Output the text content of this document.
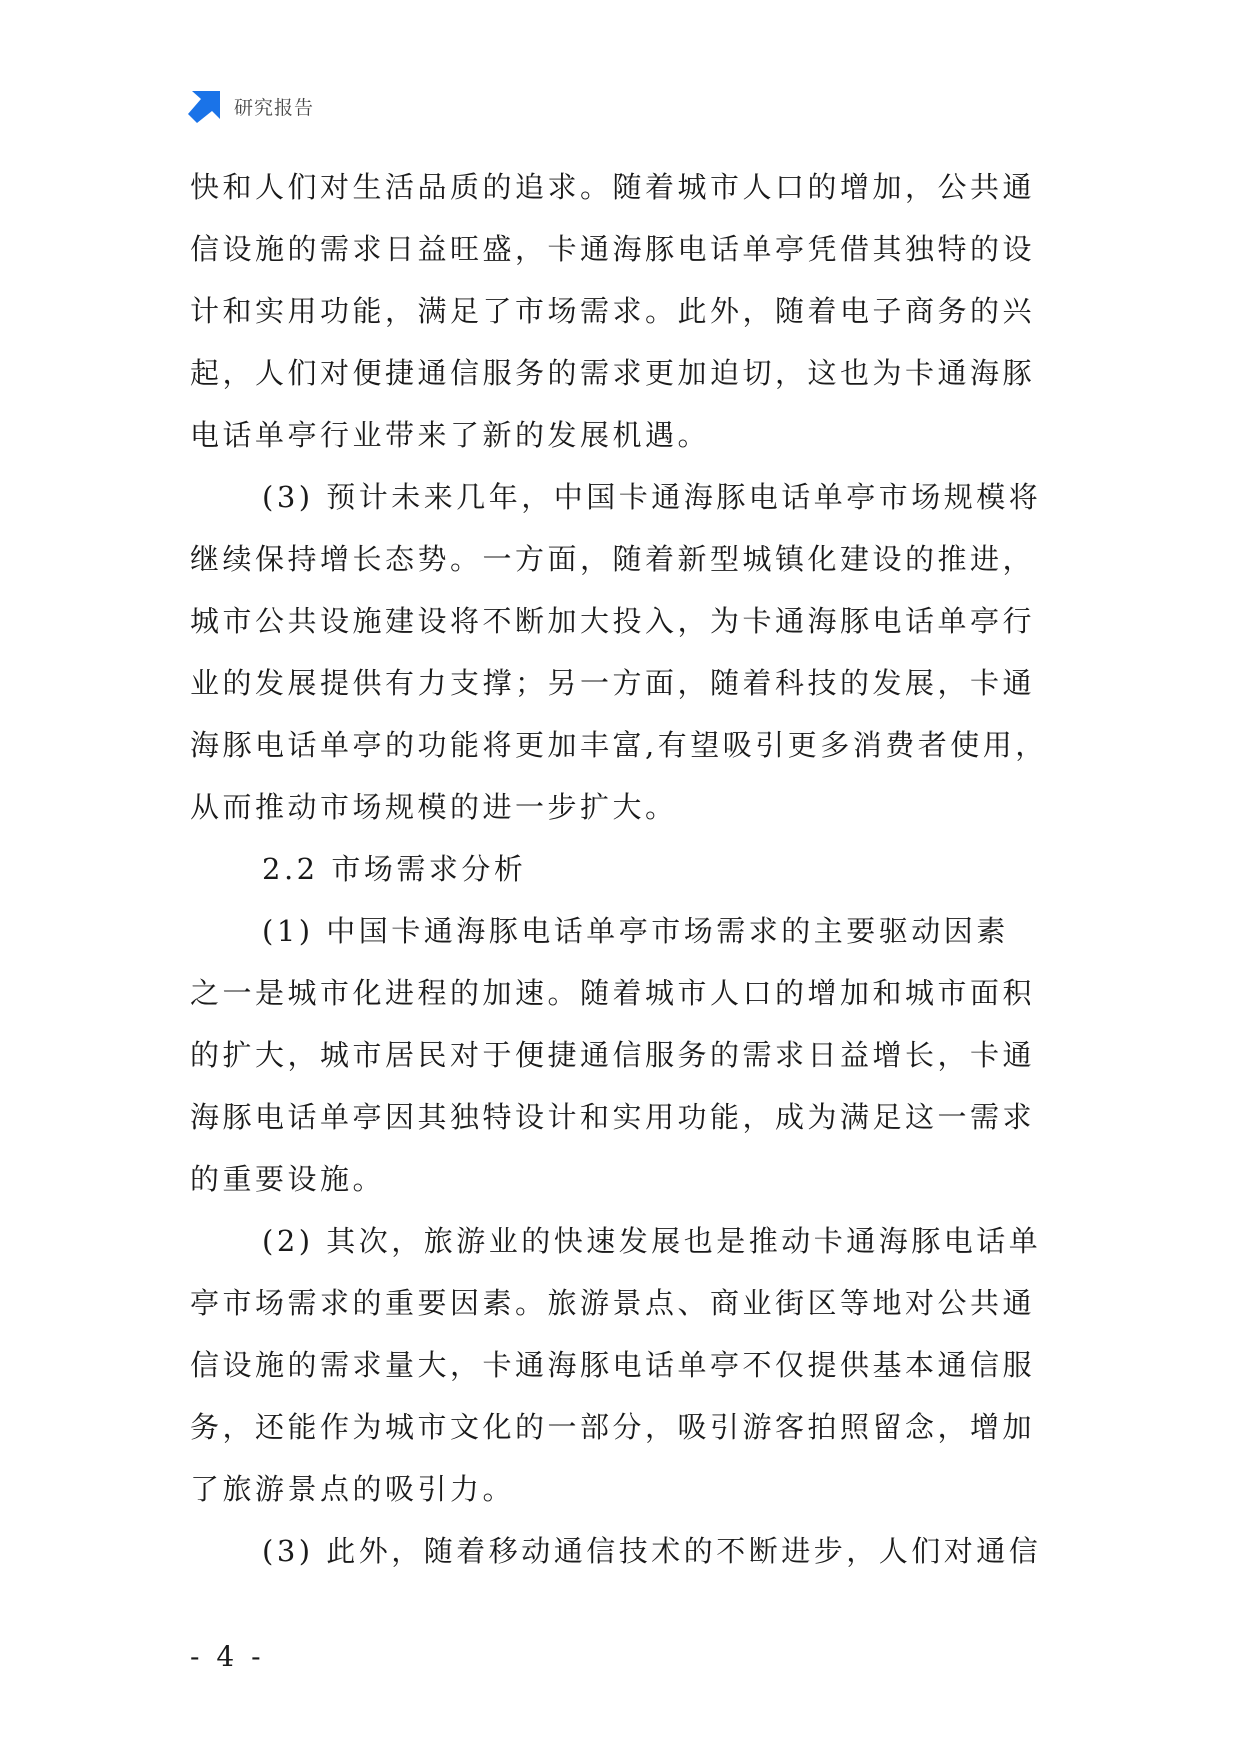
研究报告
快和人们对生活品质的追求。随着城市人口的增加，公共通
信设施的需求日益旺盛，卡通海豚电话单亭凭借其独特的设
计和实用功能，满足了市场需求。此外，随着电子商务的兴
起，人们对便捷通信服务的需求更加迫切，这也为卡通海豚
电话单亭行业带来了新的发展机遇。
(3) 预计未来几年，中国卡通海豚电话单亭市场规模将
继续保持增长态势。一方面，随着新型城镇化建设的推进，
城市公共设施建设将不断加大投入，为卡通海豚电话单亭行
业的发展提供有力支撑；另一方面，随着科技的发展，卡通
海豚电话单亭的功能将更加丰富,有望吸引更多消费者使用，
从而推动市场规模的进一步扩大。
2.2 市场需求分析
(1) 中国卡通海豚电话单亭市场需求的主要驱动因素
之一是城市化进程的加速。随着城市人口的增加和城市面积
的扩大，城市居民对于便捷通信服务的需求日益增长，卡通
海豚电话单亭因其独特设计和实用功能，成为满足这一需求
的重要设施。
(2) 其次，旅游业的快速发展也是推动卡通海豚电话单
亭市场需求的重要因素。旅游景点、商业街区等地对公共通
信设施的需求量大，卡通海豚电话单亭不仅提供基本通信服
务，还能作为城市文化的一部分，吸引游客拍照留念，增加
了旅游景点的吸引力。
(3) 此外，随着移动通信技术的不断进步，人们对通信
- 4 -
